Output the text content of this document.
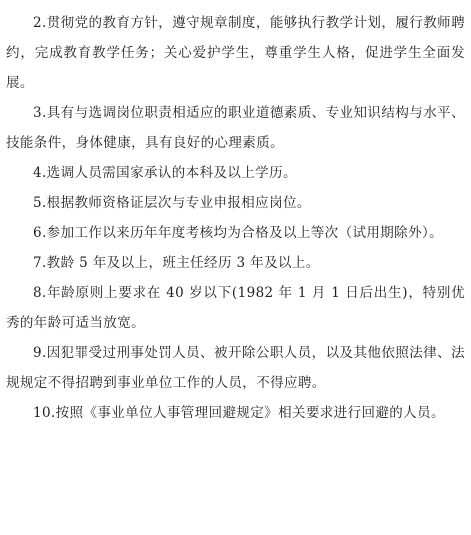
2.贯彻党的教育方针，遵守规章制度，能够执行教学计划，履行教师聘约，完成教育教学任务；关心爱护学生，尊重学生人格，促进学生全面发展。

3.具有与选调岗位职责相适应的职业道德素质、专业知识结构与水平、技能条件，身体健康，具有良好的心理素质。

4.选调人员需国家承认的本科及以上学历。

5.根据教师资格证层次与专业申报相应岗位。

6.参加工作以来历年年度考核均为合格及以上等次（试用期除外）。

7.教龄 5 年及以上，班主任经历 3 年及以上。

8.年龄原则上要求在 40 岁以下(1982 年 1 月 1 日后出生)，特别优秀的年龄可适当放宽。

9.因犯罪受过刑事处罚人员、被开除公职人员，以及其他依照法律、法规规定不得招聘到事业单位工作的人员，不得应聘。

10.按照《事业单位人事管理回避规定》相关要求进行回避的人员。
